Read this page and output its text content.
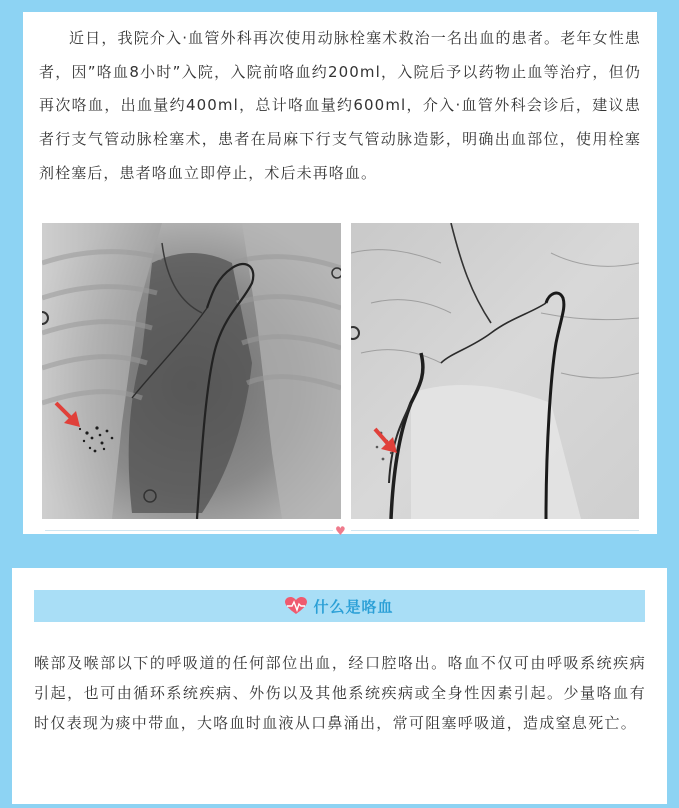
近日，我院介入·血管外科再次使用动脉栓塞术救治一名出血的患者。老年女性患者，因”咯血8小时”入院，入院前咯血约200ml，入院后予以药物止血等治疗，但仍再次咯血，出血量约400ml，总计咯血量约600ml，介入·血管外科会诊后，建议患者行支气管动脉栓塞术，患者在局麻下行支气管动脉造影，明确出血部位，使用栓塞剂栓塞后，患者咯血立即停止，术后未再咯血。

♥
什么是咯血

喉部及喉部以下的呼吸道的任何部位出血，经口腔咯出。咯血不仅可由呼吸系统疾病引起，也可由循环系统疾病、外伤以及其他系统疾病或全身性因素引起。少量咯血有时仅表现为痰中带血，大咯血时血液从口鼻涌出，常可阻塞呼吸道，造成窒息死亡。
